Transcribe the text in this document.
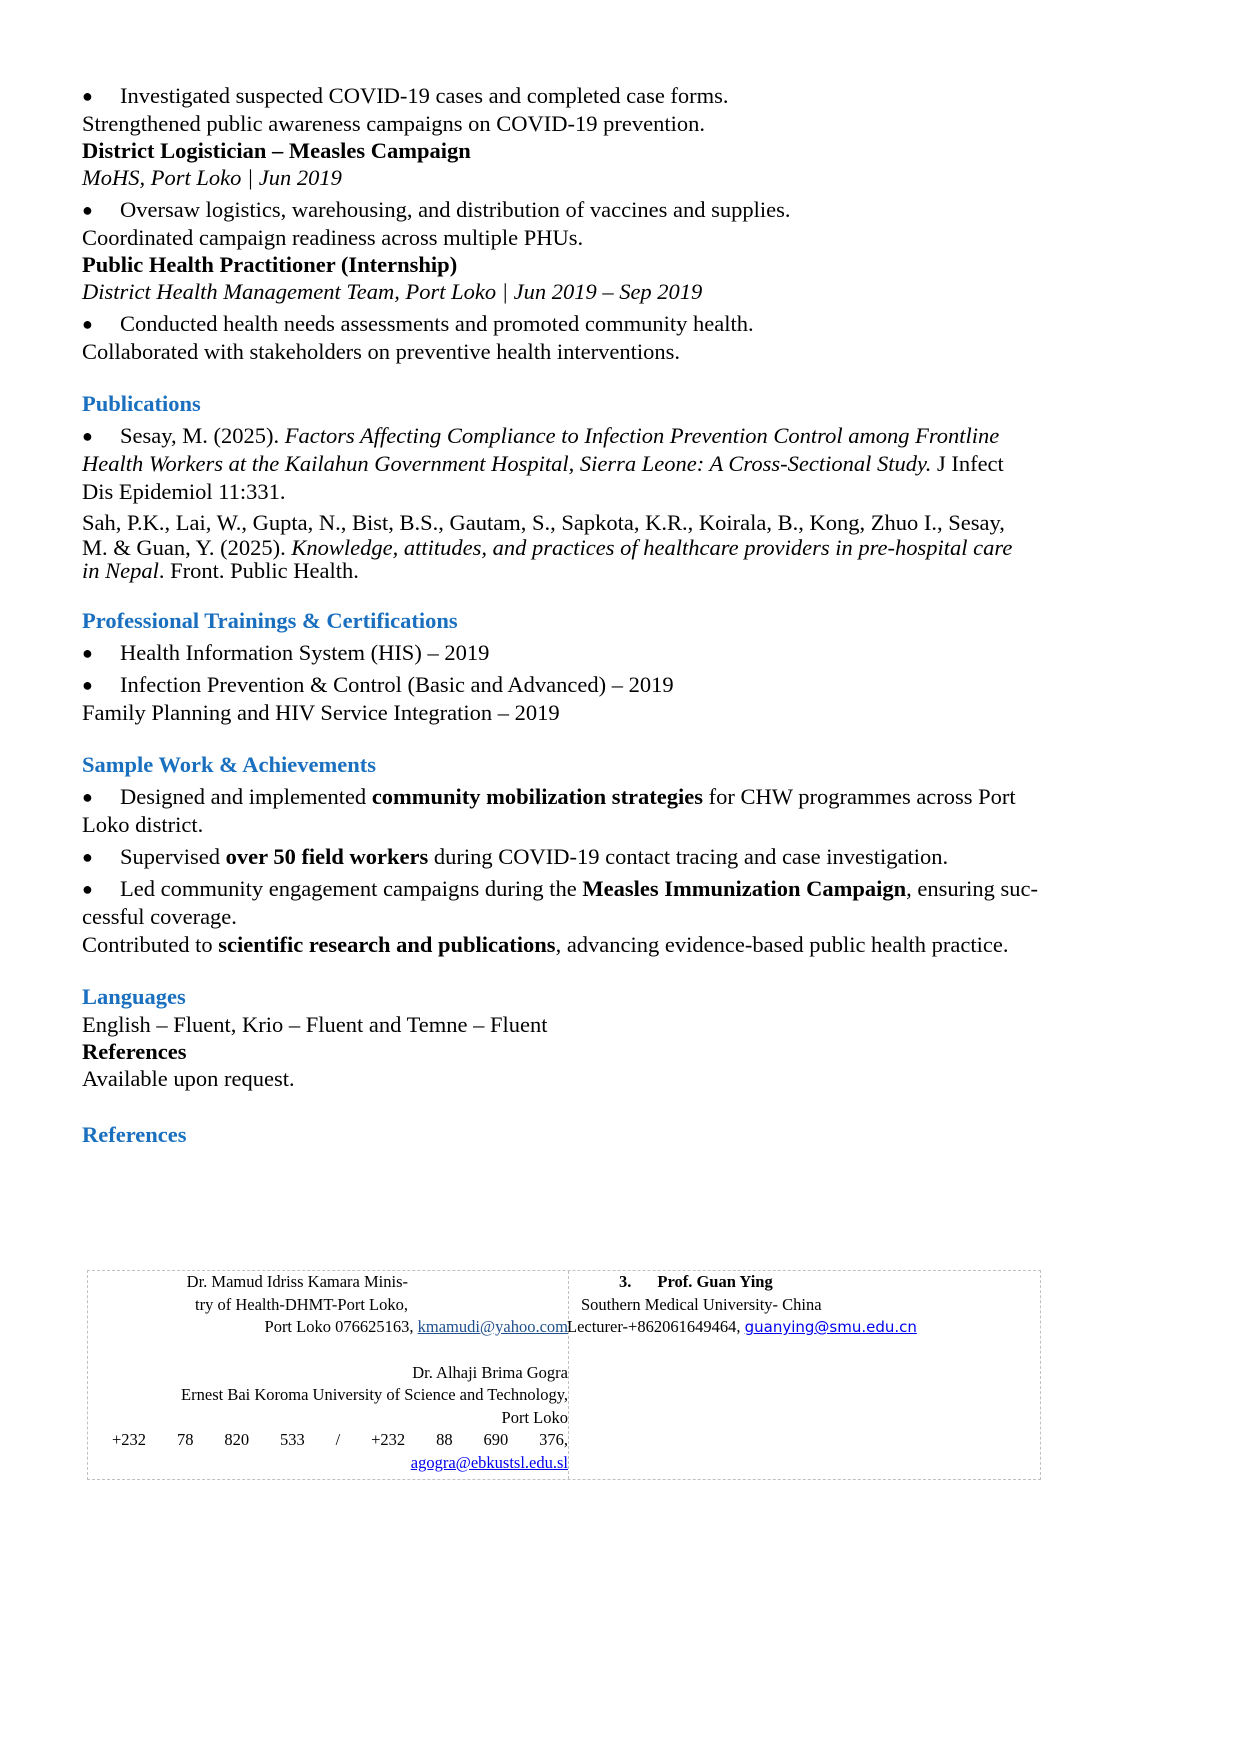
● Investigated suspected COVID-19 cases and completed case forms.
Strengthened public awareness campaigns on COVID-19 prevention.
District Logistician – Measles Campaign
MoHS, Port Loko | Jun 2019
● Oversaw logistics, warehousing, and distribution of vaccines and supplies.
Coordinated campaign readiness across multiple PHUs.
Public Health Practitioner (Internship)
District Health Management Team, Port Loko | Jun 2019 – Sep 2019
● Conducted health needs assessments and promoted community health.
Collaborated with stakeholders on preventive health interventions.
Publications
● Sesay, M. (2025). Factors Affecting Compliance to Infection Prevention Control among Frontline
Health Workers at the Kailahun Government Hospital, Sierra Leone: A Cross-Sectional Study. J Infect
Dis Epidemiol 11:331.
Sah, P.K., Lai, W., Gupta, N., Bist, B.S., Gautam, S., Sapkota, K.R., Koirala, B., Kong, Zhuo I., Sesay,
M. & Guan, Y. (2025). Knowledge, attitudes, and practices of healthcare providers in pre-hospital care
in Nepal. Front. Public Health.
Professional Trainings & Certifications
● Health Information System (HIS) – 2019
● Infection Prevention & Control (Basic and Advanced) – 2019
Family Planning and HIV Service Integration – 2019
Sample Work & Achievements
● Designed and implemented community mobilization strategies for CHW programmes across Port
Loko district.
● Supervised over 50 field workers during COVID-19 contact tracing and case investigation.
● Led community engagement campaigns during the Measles Immunization Campaign, ensuring suc-
cessful coverage.
Contributed to scientific research and publications, advancing evidence-based public health practice.
Languages
English – Fluent, Krio – Fluent and Temne – Fluent
References
Available upon request.
References
Dr. Mamud Idriss Kamara Minis-
try of Health-DHMT-Port Loko,
Port Loko 076625163, kmamudi@yahoo.com
Dr. Alhaji Brima Gogra
Ernest Bai Koroma University of Science and Technology,
Port Loko
+232 78 820 533 / +232 88 690 376,
agogra@ebkustsl.edu.sl
3. Prof. Guan Ying
Southern Medical University- China
Lecturer-+862061649464, guanying@smu.edu.cn
